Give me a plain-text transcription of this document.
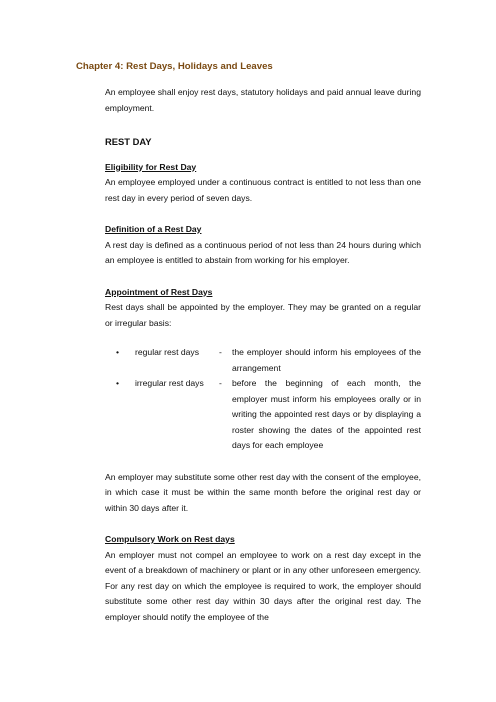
Chapter 4: Rest Days, Holidays and Leaves

An employee shall enjoy rest days, statutory holidays and paid annual leave during employment.

REST DAY
Eligibility for Rest Day

An employee employed under a continuous contract is entitled to not less than one rest day in every period of seven days.

Definition of a Rest Day

A rest day is defined as a continuous period of not less than 24 hours during which an employee is entitled to abstain from working for his employer.

Appointment of Rest Days

Rest days shall be appointed by the employer. They may be granted on a regular or irregular basis:

• regular rest days	-	the employer should inform his employees of the arrangement
• irregular rest days	-	before the beginning of each month, the employer must inform his employees orally or in writing the appointed rest days or by displaying a roster showing the dates of the appointed rest days for each employee

An employer may substitute some other rest day with the consent of the employee, in which case it must be within the same month before the original rest day or within 30 days after it.

Compulsory Work on Rest days

An employer must not compel an employee to work on a rest day except in the event of a breakdown of machinery or plant or in any other unforeseen emergency. For any rest day on which the employee is required to work, the employer should substitute some other rest day within 30 days after the original rest day. The employer should notify the employee of the
